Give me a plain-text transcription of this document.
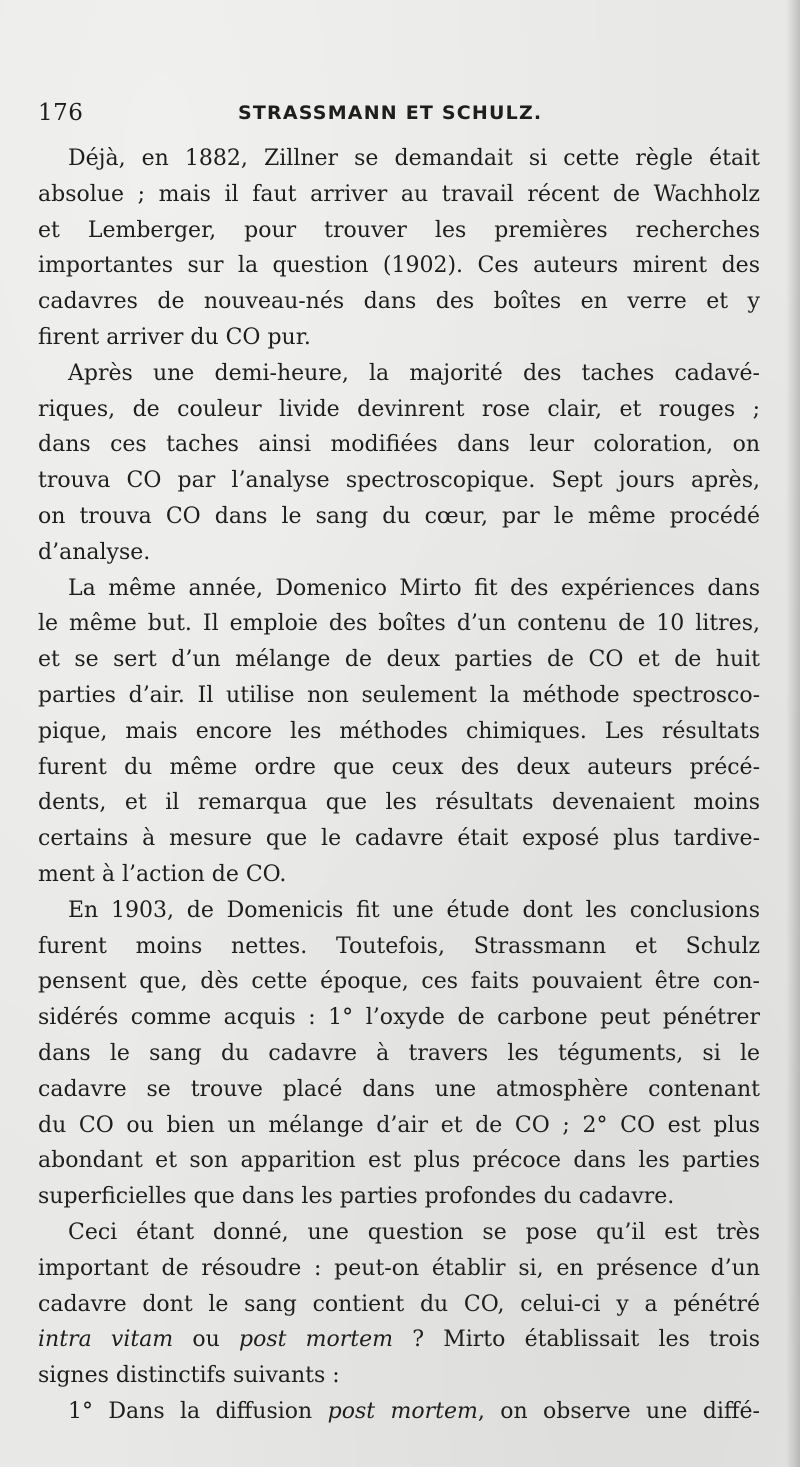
176	STRASSMANN ET SCHULZ.
Déjà, en 1882, Zillner se demandait si cette règle était
absolue ; mais il faut arriver au travail récent de Wachholz
et Lemberger, pour trouver les premières recherches
importantes sur la question (1902). Ces auteurs mirent des
cadavres de nouveau-nés dans des boîtes en verre et y
firent arriver du CO pur.
Après une demi-heure, la majorité des taches cadavé-
riques, de couleur livide devinrent rose clair, et rouges ;
dans ces taches ainsi modifiées dans leur coloration, on
trouva CO par l’analyse spectroscopique. Sept jours après,
on trouva CO dans le sang du cœur, par le même procédé
d’analyse.
La même année, Domenico Mirto fit des expériences dans
le même but. Il emploie des boîtes d’un contenu de 10 litres,
et se sert d’un mélange de deux parties de CO et de huit
parties d’air. Il utilise non seulement la méthode spectrosco-
pique, mais encore les méthodes chimiques. Les résultats
furent du même ordre que ceux des deux auteurs précé-
dents, et il remarqua que les résultats devenaient moins
certains à mesure que le cadavre était exposé plus tardive-
ment à l’action de CO.
En 1903, de Domenicis fit une étude dont les conclusions
furent moins nettes. Toutefois, Strassmann et Schulz
pensent que, dès cette époque, ces faits pouvaient être con-
sidérés comme acquis : 1° l’oxyde de carbone peut pénétrer
dans le sang du cadavre à travers les téguments, si le
cadavre se trouve placé dans une atmosphère contenant
du CO ou bien un mélange d’air et de CO ; 2° CO est plus
abondant et son apparition est plus précoce dans les parties
superficielles que dans les parties profondes du cadavre.
Ceci étant donné, une question se pose qu’il est très
important de résoudre : peut-on établir si, en présence d’un
cadavre dont le sang contient du CO, celui-ci y a pénétré
intra vitam ou post mortem ? Mirto établissait les trois
signes distinctifs suivants :
1° Dans la diffusion post mortem, on observe une diffé-
